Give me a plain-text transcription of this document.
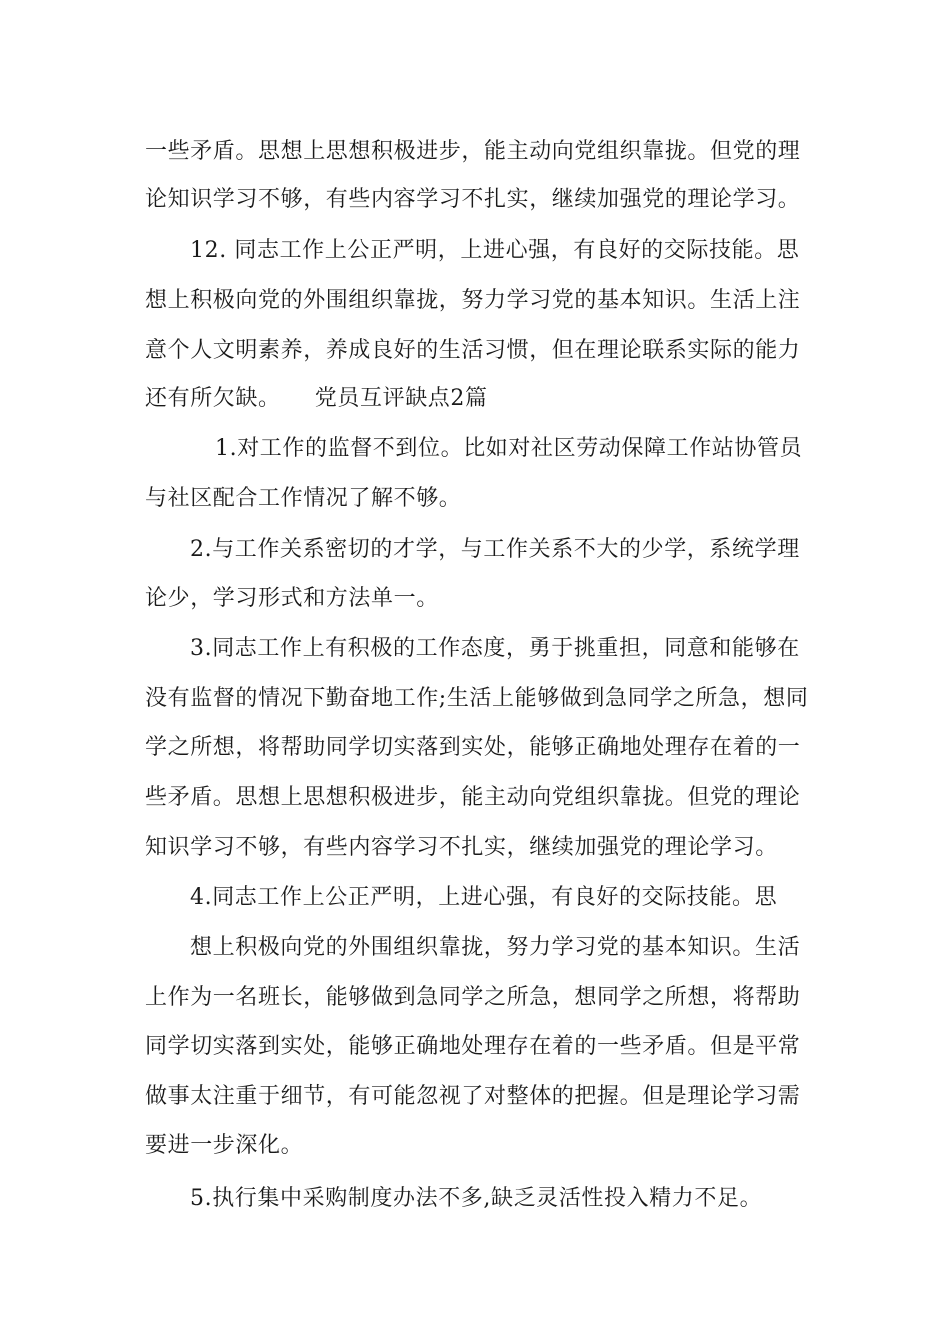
一些矛盾。思想上思想积极进步，能主动向党组织靠拢。但党的理
论知识学习不够，有些内容学习不扎实，继续加强党的理论学习。
12. 同志工作上公正严明，上进心强，有良好的交际技能。思
想上积极向党的外围组织靠拢，努力学习党的基本知识。生活上注
意个人文明素养，养成良好的生活习惯，但在理论联系实际的能力
还有所欠缺。　　党员互评缺点2篇
1.对工作的监督不到位。比如对社区劳动保障工作站协管员
与社区配合工作情况了解不够。
2.与工作关系密切的才学，与工作关系不大的少学，系统学理
论少，学习形式和方法单一。
3.同志工作上有积极的工作态度，勇于挑重担，同意和能够在
没有监督的情况下勤奋地工作;生活上能够做到急同学之所急，想同
学之所想，将帮助同学切实落到实处，能够正确地处理存在着的一
些矛盾。思想上思想积极进步，能主动向党组织靠拢。但党的理论
知识学习不够，有些内容学习不扎实，继续加强党的理论学习。
4.同志工作上公正严明，上进心强，有良好的交际技能。思
想上积极向党的外围组织靠拢，努力学习党的基本知识。生活
上作为一名班长，能够做到急同学之所急，想同学之所想，将帮助
同学切实落到实处，能够正确地处理存在着的一些矛盾。但是平常
做事太注重于细节，有可能忽视了对整体的把握。但是理论学习需
要进一步深化。
5.执行集中采购制度办法不多,缺乏灵活性投入精力不足。
